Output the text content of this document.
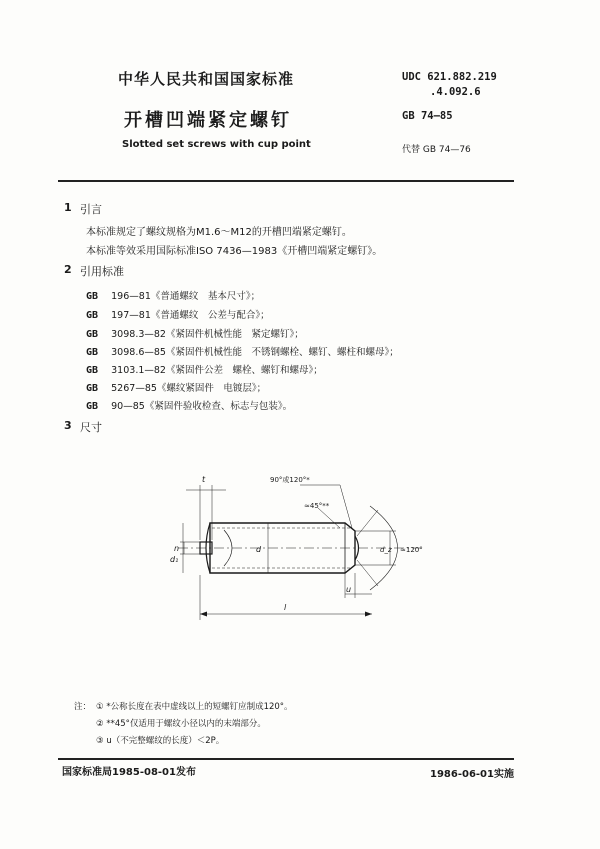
中华人民共和国国家标准
开槽凹端紧定螺钉
Slotted set screws with cup point
UDC 621.882.219
.4.092.6
GB 74—85
代替 GB 74—76
1 引言
本标准规定了螺纹规格为M1.6～M12的开槽凹端紧定螺钉。
本标准等效采用国际标准ISO 7436—1983《开槽凹端紧定螺钉》。
2 引用标准
GB 196—81《普通螺纹　基本尺寸》；
GB 197—81《普通螺纹　公差与配合》；
GB 3098.3—82《紧固件机械性能　紧定螺钉》；
GB 3098.6—85《紧固件机械性能　不锈钢螺栓、螺钉、螺柱和螺母》；
GB 3103.1—82《紧固件公差　螺栓、螺钉和螺母》；
GB 5267—85《螺纹紧固件　电镀层》；
GB 90—85《紧固件验收检查、标志与包装》。
3 尺寸
90°或120°*
≈45°**
t
n
d₁
d	d_z ≈120°
u
l
注： ① *公称长度在表中虚线以上的短螺钉应制成120°。
② **45°仅适用于螺纹小径以内的末端部分。
③ u（不完整螺纹的长度）＜2P。
国家标准局1985-08-01发布	1986-06-01实施
